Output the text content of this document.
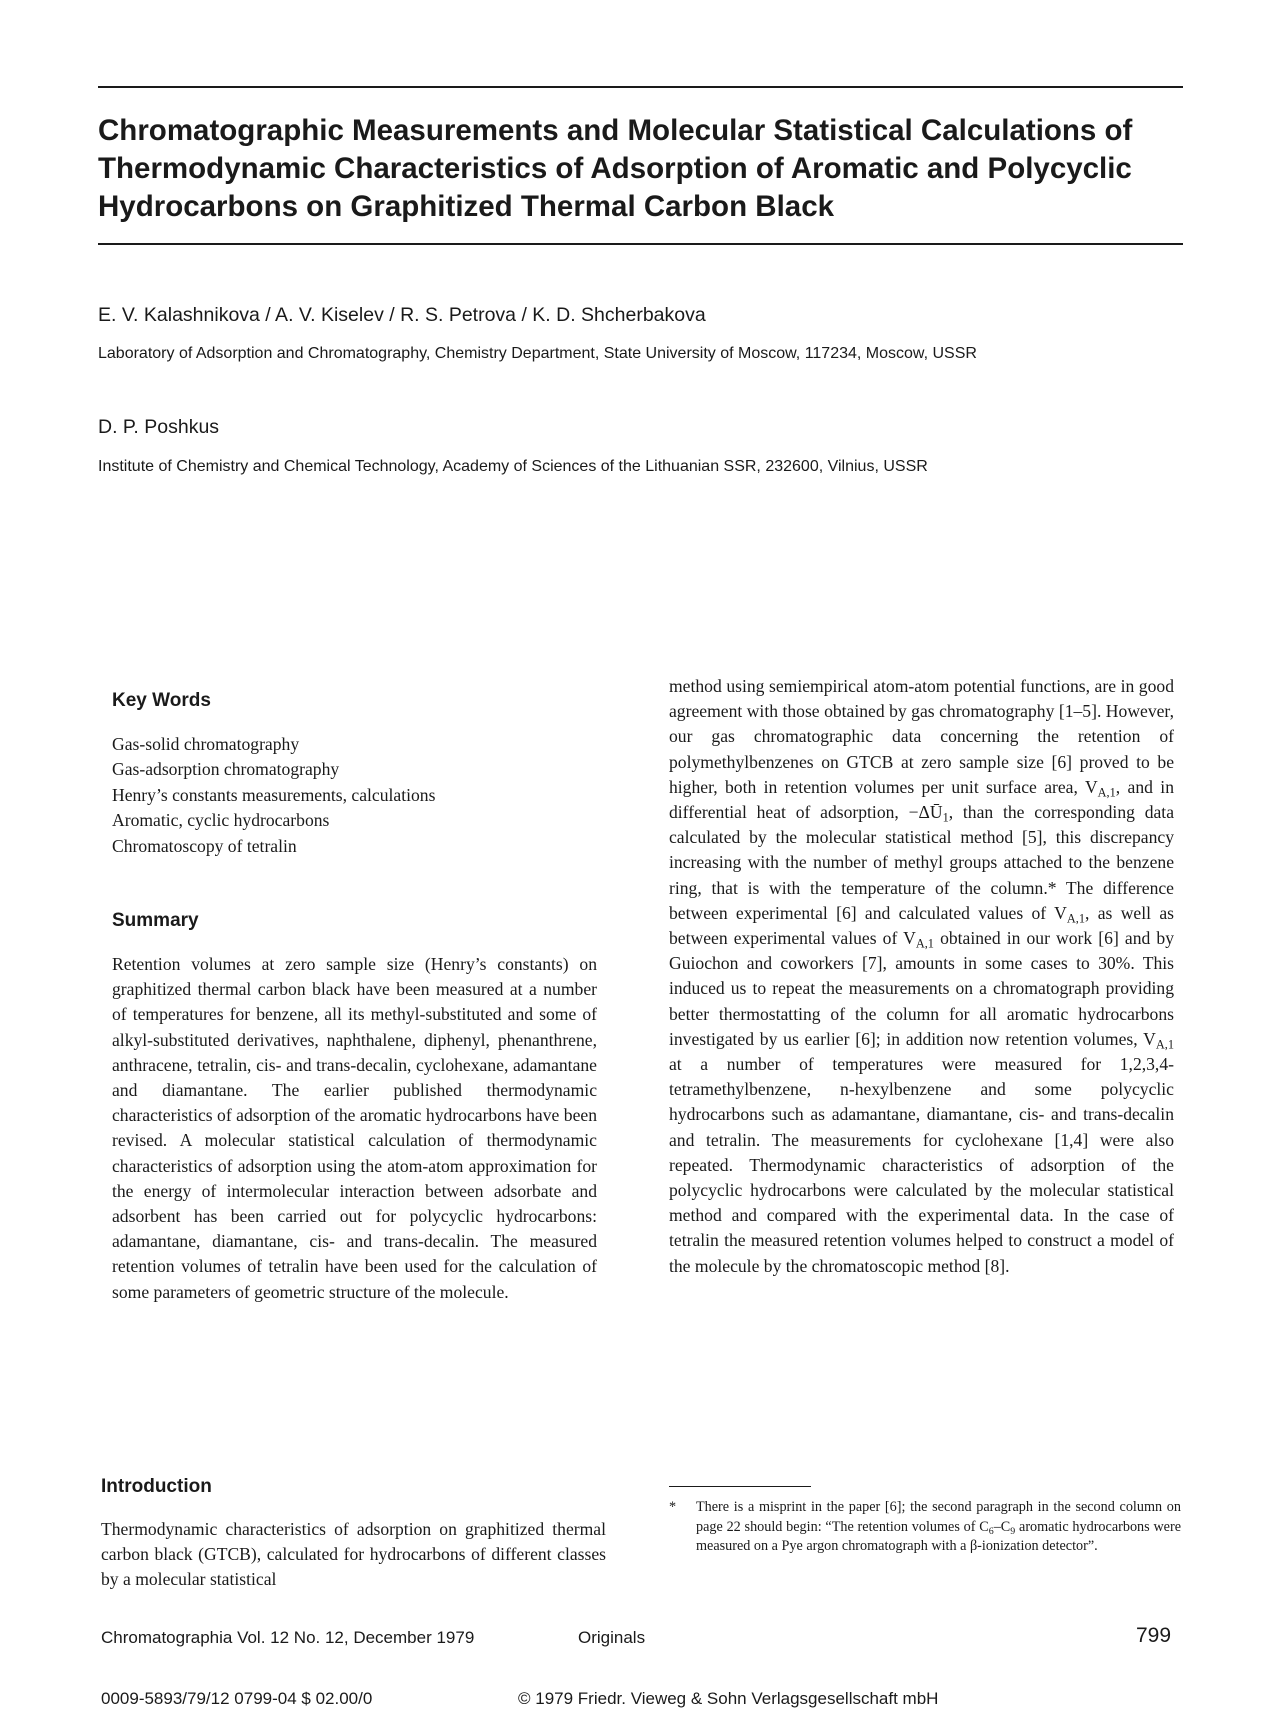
Chromatographic Measurements and Molecular Statistical Calculations of Thermodynamic Characteristics of Adsorption of Aromatic and Polycyclic Hydrocarbons on Graphitized Thermal Carbon Black
E. V. Kalashnikova / A. V. Kiselev / R. S. Petrova / K. D. Shcherbakova
Laboratory of Adsorption and Chromatography, Chemistry Department, State University of Moscow, 117234, Moscow, USSR
D. P. Poshkus
Institute of Chemistry and Chemical Technology, Academy of Sciences of the Lithuanian SSR, 232600, Vilnius, USSR
Key Words
Gas-solid chromatography
Gas-adsorption chromatography
Henry’s constants measurements, calculations
Aromatic, cyclic hydrocarbons
Chromatoscopy of tetralin
Summary

Retention volumes at zero sample size (Henry’s constants) on graphitized thermal carbon black have been measured at a number of temperatures for benzene, all its methyl-substituted and some of alkyl-substituted derivatives, naphthalene, diphenyl, phenanthrene, anthracene, tetralin, cis- and trans-decalin, cyclohexane, adamantane and diamantane. The earlier published thermodynamic characteristics of adsorption of the aromatic hydrocarbons have been revised. A molecular statistical calculation of thermodynamic characteristics of adsorption using the atom-atom approximation for the energy of intermolecular interaction between adsorbate and adsorbent has been carried out for polycyclic hydrocarbons: adamantane, diamantane, cis- and trans-decalin. The measured retention volumes of tetralin have been used for the calculation of some parameters of geometric structure of the molecule.

method using semiempirical atom-atom potential functions, are in good agreement with those obtained by gas chromatography [1–5]. However, our gas chromatographic data concerning the retention of polymethylbenzenes on GTCB at zero sample size [6] proved to be higher, both in retention volumes per unit surface area, $V_{A,1}$, and in differential heat of adsorption, $-\Delta Ū_1$, than the corresponding data calculated by the molecular statistical method [5], this discrepancy increasing with the number of methyl groups attached to the benzene ring, that is with the temperature of the column.* The difference between experimental [6] and calculated values of $V_{A,1}$, as well as between experimental values of $V_{A,1}$ obtained in our work [6] and by Guiochon and coworkers [7], amounts in some cases to 30%. This induced us to repeat the measurements on a chromatograph providing better thermostatting of the column for all aromatic hydrocarbons investigated by us earlier [6]; in addition now retention volumes, $V_{A,1}$ at a number of temperatures were measured for 1,2,3,4-tetramethylbenzene, n-hexylbenzene and some polycyclic hydrocarbons such as adamantane, diamantane, cis- and trans-decalin and tetralin. The measurements for cyclohexane [1,4] were also repeated. Thermodynamic characteristics of adsorption of the polycyclic hydrocarbons were calculated by the molecular statistical method and compared with the experimental data. In the case of tetralin the measured retention volumes helped to construct a model of the molecule by the chromatoscopic method [8].

Introduction

Thermodynamic characteristics of adsorption on graphitized thermal carbon black (GTCB), calculated for hydrocarbons of different classes by a molecular statistical

* There is a misprint in the paper [6]; the second paragraph in the second column on page 22 should begin: “The retention volumes of $C_6-C_9$ aromatic hydrocarbons were measured on a Pye argon chromatograph with a β-ionization detector”.
Chromatographia Vol. 12 No. 12, December 1979	Originals	799
0009-5893/79/12 0799-04 $ 02.00/0	© 1979 Friedr. Vieweg & Sohn Verlagsgesellschaft mbH
